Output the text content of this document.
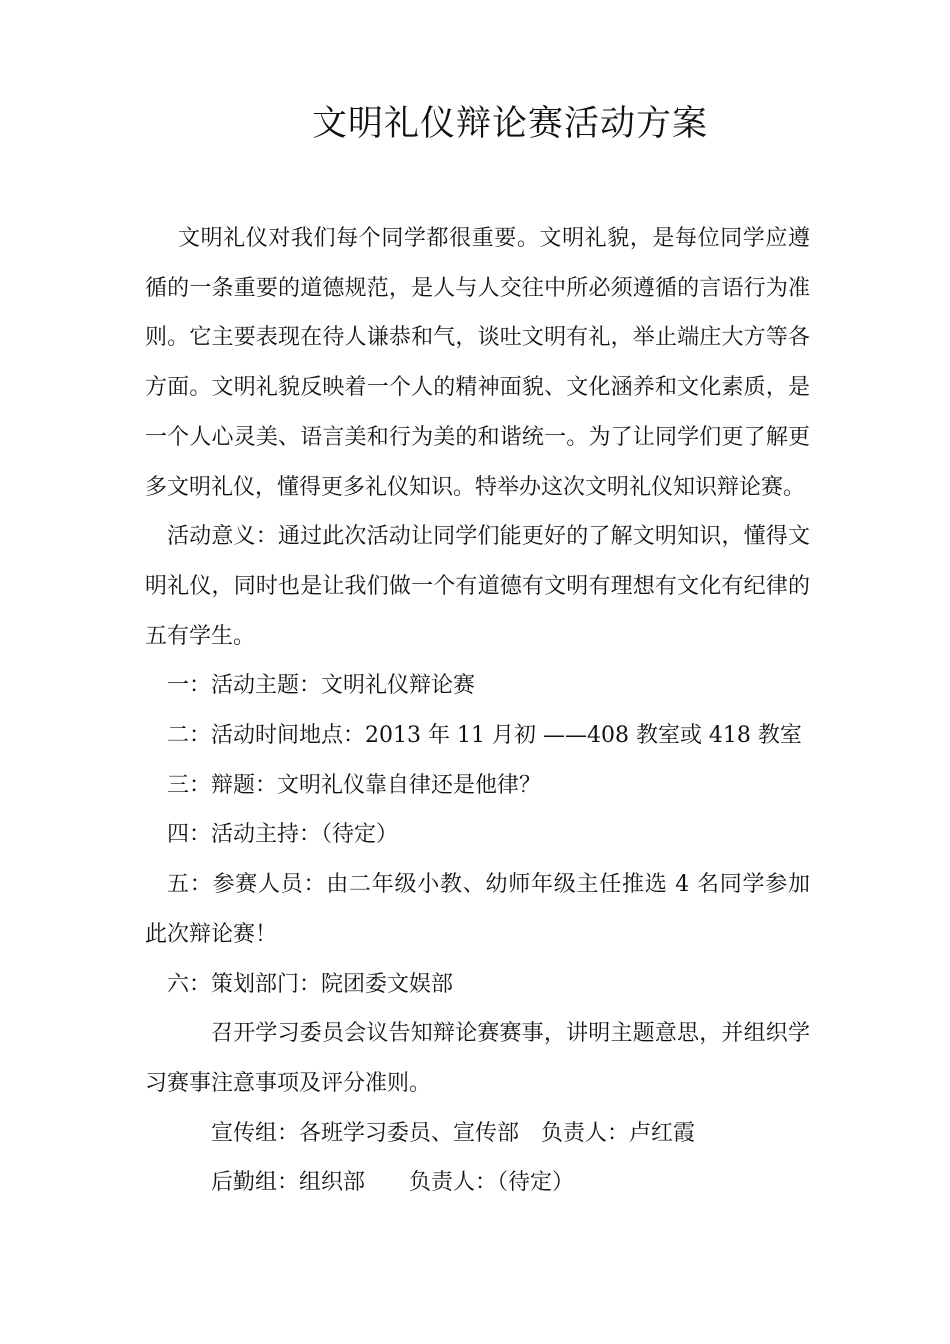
文明礼仪辩论赛活动方案

文明礼仪对我们每个同学都很重要。文明礼貌，是每位同学应遵循的一条重要的道德规范，是人与人交往中所必须遵循的言语行为准则。它主要表现在待人谦恭和气，谈吐文明有礼，举止端庄大方等各方面。文明礼貌反映着一个人的精神面貌、文化涵养和文化素质，是一个人心灵美、语言美和行为美的和谐统一。为了让同学们更了解更多文明礼仪，懂得更多礼仪知识。特举办这次文明礼仪知识辩论赛。

活动意义：通过此次活动让同学们能更好的了解文明知识，懂得文明礼仪，同时也是让我们做一个有道德有文明有理想有文化有纪律的五有学生。

一：活动主题：文明礼仪辩论赛

二：活动时间地点：2013 年 11 月初 ——408 教室或 418 教室

三：辩题：文明礼仪靠自律还是他律？

四：活动主持：（待定）

五：参赛人员：由二年级小教、幼师年级主任推选 4 名同学参加此次辩论赛！

六：策划部门：院团委文娱部

召开学习委员会议告知辩论赛赛事，讲明主题意思，并组织学习赛事注意事项及评分准则。

宣传组：各班学习委员、宣传部 负责人：卢红霞

后勤组：组织部 负责人：（待定）
